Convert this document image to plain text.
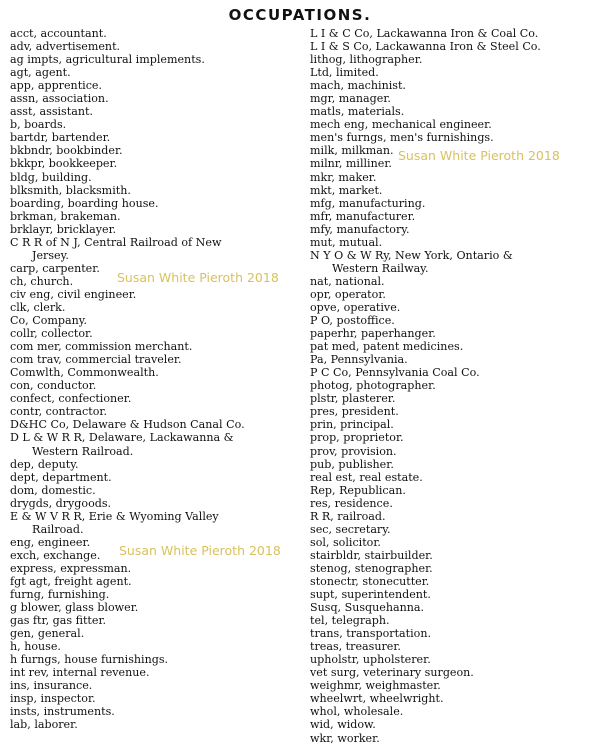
OCCUPATIONS.
acct, accountant.
adv, advertisement.
ag impts, agricultural implements.
agt, agent.
app, apprentice.
assn, association.
asst, assistant.
b, boards.
bartdr, bartender.
bkbndr, bookbinder.
bkkpr, bookkeeper.
bldg, building.
blksmith, blacksmith.
boarding, boarding house.
brkman, brakeman.
brklayr, bricklayer.
C R R of N J, Central Railroad of New
Jersey.
carp, carpenter.
ch, church.
civ eng, civil engineer.
clk, clerk.
Co, Company.
collr, collector.
com mer, commission merchant.
com trav, commercial traveler.
Comwlth, Commonwealth.
con, conductor.
confect, confectioner.
contr, contractor.
D&HC Co, Delaware & Hudson Canal Co.
D L & W R R, Delaware, Lackawanna &
Western Railroad.
dep, deputy.
dept, department.
dom, domestic.
drygds, drygoods.
E & W V R R, Erie & Wyoming Valley
Railroad.
eng, engineer.
exch, exchange.
express, expressman.
fgt agt, freight agent.
furng, furnishing.
g blower, glass blower.
gas ftr, gas fitter.
gen, general.
h, house.
h furngs, house furnishings.
int rev, internal revenue.
ins, insurance.
insp, inspector.
insts, instruments.
lab, laborer.
L I & C Co, Lackawanna Iron & Coal Co.
L I & S Co, Lackawanna Iron & Steel Co.
lithog, lithographer.
Ltd, limited.
mach, machinist.
mgr, manager.
matls, materials.
mech eng, mechanical engineer.
men's furngs, men's furnishings.
milk, milkman.
milnr, milliner.
mkr, maker.
mkt, market.
mfg, manufacturing.
mfr, manufacturer.
mfy, manufactory.
mut, mutual.
N Y O & W Ry, New York, Ontario &
Western Railway.
nat, national.
opr, operator.
opve, operative.
P O, postoffice.
paperhr, paperhanger.
pat med, patent medicines.
Pa, Pennsylvania.
P C Co, Pennsylvania Coal Co.
photog, photographer.
plstr, plasterer.
pres, president.
prin, principal.
prop, proprietor.
prov, provision.
pub, publisher.
real est, real estate.
Rep, Republican.
res, residence.
R R, railroad.
sec, secretary.
sol, solicitor.
stairbldr, stairbuilder.
stenog, stenographer.
stonectr, stonecutter.
supt, superintendent.
Susq, Susquehanna.
tel, telegraph.
trans, transportation.
treas, treasurer.
upholstr, upholsterer.
vet surg, veterinary surgeon.
weighmr, weighmaster.
wheelwrt, wheelwright.
whol, wholesale.
wid, widow.
wkr, worker.
Susan White Pieroth 2018
Susan White Pieroth 2018
Susan White Pieroth 2018
